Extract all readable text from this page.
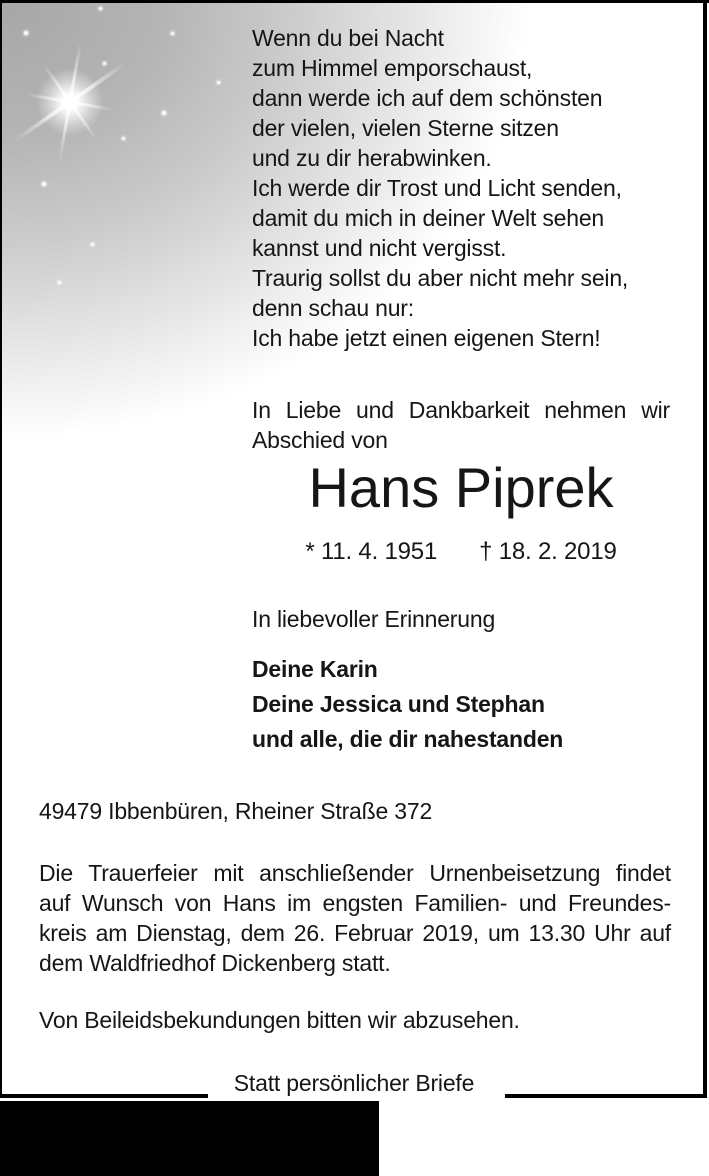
Wenn du bei Nacht
zum Himmel emporschaust,
dann werde ich auf dem schönsten
der vielen, vielen Sterne sitzen
und zu dir herabwinken.
Ich werde dir Trost und Licht senden,
damit du mich in deiner Welt sehen
kannst und nicht vergisst.
Traurig sollst du aber nicht mehr sein,
denn schau nur:
Ich habe jetzt einen eigenen Stern!
In Liebe und Dankbarkeit nehmen wir
Abschied von
Hans Piprek
* 11. 4. 1951 † 18. 2. 2019
In liebevoller Erinnerung
Deine Karin
Deine Jessica und Stephan
und alle, die dir nahestanden
49479 Ibbenbüren, Rheiner Straße 372
Die Trauerfeier mit anschließender Urnenbeisetzung findet
auf Wunsch von Hans im engsten Familien- und Freundes-
kreis am Dienstag, dem 26. Februar 2019, um 13.30 Uhr auf
dem Waldfriedhof Dickenberg statt.
Von Beileidsbekundungen bitten wir abzusehen.
Statt persönlicher Briefe
